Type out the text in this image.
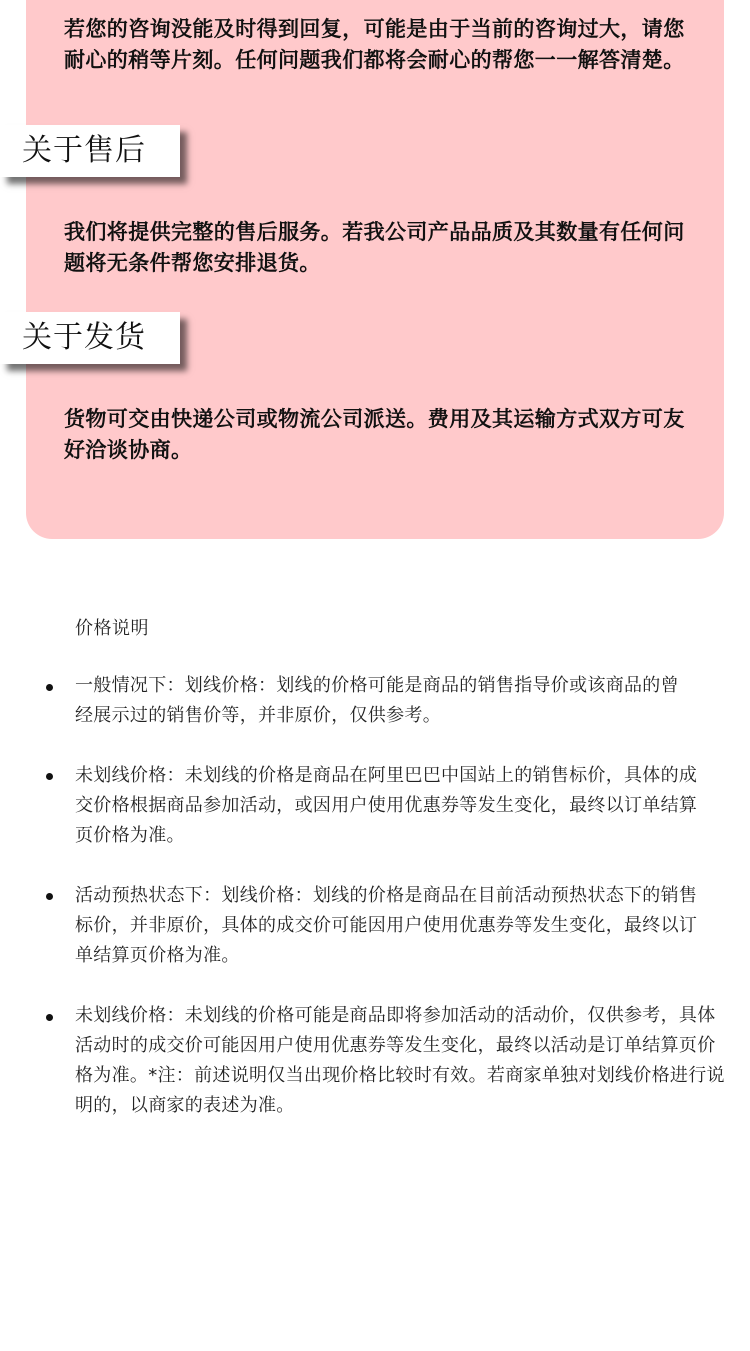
若您的咨询没能及时得到回复，可能是由于当前的咨询过大，请您耐心的稍等片刻。任何问题我们都将会耐心的帮您一一解答清楚。

关于售后

我们将提供完整的售后服务。若我公司产品品质及其数量有任何问题将无条件帮您安排退货。

关于发货

货物可交由快递公司或物流公司派送。费用及其运输方式双方可友好洽谈协商。

价格说明

一般情况下：划线价格：划线的价格可能是商品的销售指导价或该商品的曾经展示过的销售价等，并非原价，仅供参考。

未划线价格：未划线的价格是商品在阿里巴巴中国站上的销售标价，具体的成交价格根据商品参加活动，或因用户使用优惠券等发生变化，最终以订单结算页价格为准。

活动预热状态下：划线价格：划线的价格是商品在目前活动预热状态下的销售标价，并非原价，具体的成交价可能因用户使用优惠券等发生变化，最终以订单结算页价格为准。

未划线价格：未划线的价格可能是商品即将参加活动的活动价，仅供参考，具体活动时的成交价可能因用户使用优惠券等发生变化，最终以活动是订单结算页价格为准。*注：前述说明仅当出现价格比较时有效。若商家单独对划线价格进行说明的，以商家的表述为准。
